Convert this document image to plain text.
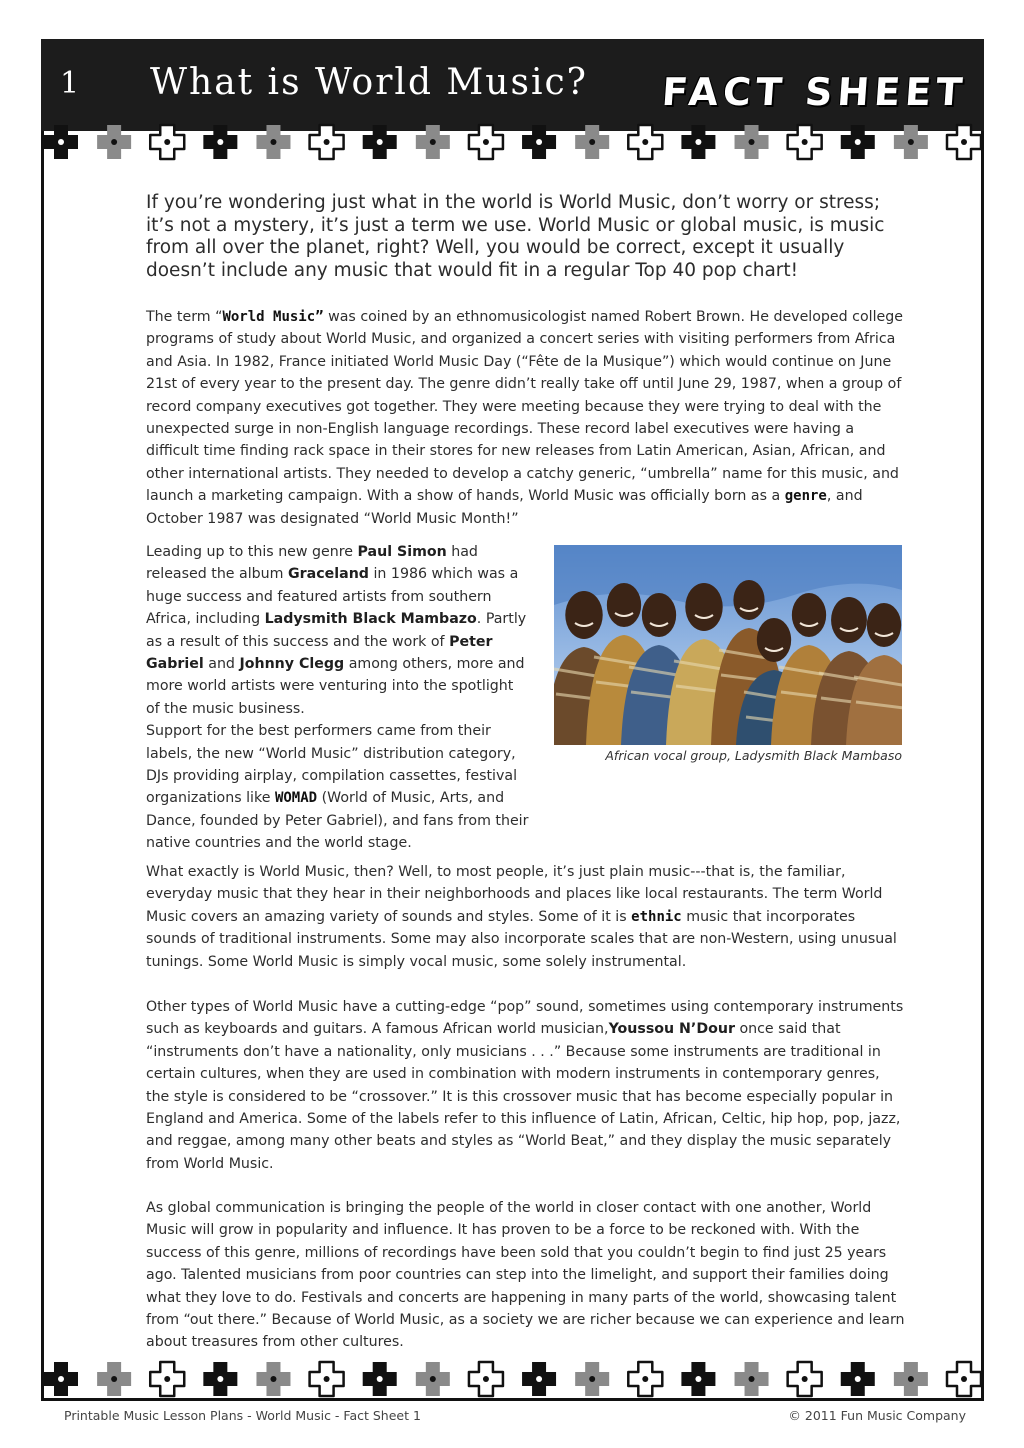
1 What is World Music? FACT SHEET
If you’re wondering just what in the world is World Music, don’t worry or stress; it’s not a mystery, it’s just a term we use. World Music or global music, is music from all over the planet, right? Well, you would be correct, except it usually doesn’t include any music that would fit in a regular Top 40 pop chart!

The term “World Music” was coined by an ethnomusicologist named Robert Brown. He developed college programs of study about World Music, and organized a concert series with visiting performers from Africa and Asia. In 1982, France initiated World Music Day (“Fête de la Musique”) which would continue on June 21st of every year to the present day. The genre didn’t really take off until June 29, 1987, when a group of record company executives got together. They were meeting because they were trying to deal with the unexpected surge in non-English language recordings. These record label executives were having a difficult time finding rack space in their stores for new releases from Latin American, Asian, African, and other international artists. They needed to develop a catchy generic, “umbrella” name for this music, and launch a marketing campaign. With a show of hands, World Music was officially born as a genre, and October 1987 was designated “World Music Month!”

Leading up to this new genre Paul Simon had released the album Graceland in 1986 which was a huge success and featured artists from southern Africa, including Ladysmith Black Mambazo. Partly as a result of this success and the work of Peter Gabriel and Johnny Clegg among others, more and more world artists were venturing into the spotlight of the music business.
Support for the best performers came from their labels, the new “World Music” distribution category, DJs providing airplay, compilation cassettes, festival organizations like WOMAD (World of Music, Arts, and Dance, founded by Peter Gabriel), and fans from their native countries and the world stage.

African vocal group, Ladysmith Black Mambaso

What exactly is World Music, then? Well, to most people, it’s just plain music---that is, the familiar, everyday music that they hear in their neighborhoods and places like local restaurants. The term World Music covers an amazing variety of sounds and styles. Some of it is ethnic music that incorporates sounds of traditional instruments. Some may also incorporate scales that are non-Western, using unusual tunings. Some World Music is simply vocal music, some solely instrumental.

Other types of World Music have a cutting-edge “pop” sound, sometimes using contemporary instruments such as keyboards and guitars. A famous African world musician,Youssou N’Dour once said that “instruments don’t have a nationality, only musicians . . .” Because some instruments are traditional in certain cultures, when they are used in combination with modern instruments in contemporary genres, the style is considered to be “crossover.” It is this crossover music that has become especially popular in England and America. Some of the labels refer to this influence of Latin, African, Celtic, hip hop, pop, jazz, and reggae, among many other beats and styles as “World Beat,” and they display the music separately from World Music.

As global communication is bringing the people of the world in closer contact with one another, World Music will grow in popularity and influence. It has proven to be a force to be reckoned with. With the success of this genre, millions of recordings have been sold that you couldn’t begin to find just 25 years ago. Talented musicians from poor countries can step into the limelight, and support their families doing what they love to do. Festivals and concerts are happening in many parts of the world, showcasing talent from “out there.” Because of World Music, as a society we are richer because we can experience and learn about treasures from other cultures.

Printable Music Lesson Plans - World Music - Fact Sheet 1	© 2011 Fun Music Company
